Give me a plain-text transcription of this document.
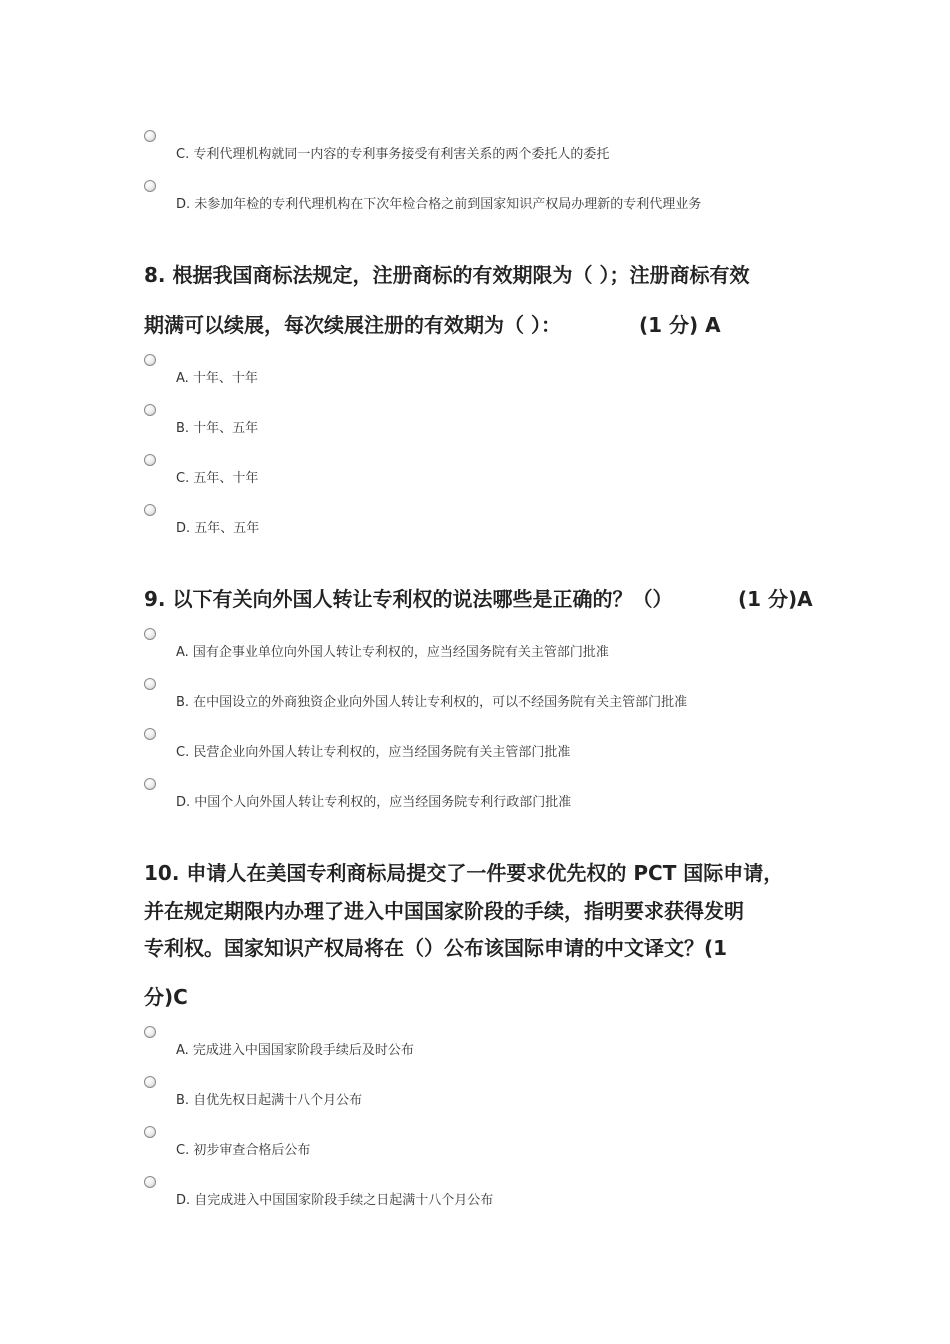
C. 专利代理机构就同一内容的专利事务接受有利害关系的两个委托人的委托
D. 未参加年检的专利代理机构在下次年检合格之前到国家知识产权局办理新的专利代理业务
8. 根据我国商标法规定，注册商标的有效期限为（ ）；注册商标有效
期满可以续展，每次续展注册的有效期为（ ）：	(1 分) A
A. 十年、十年
B. 十年、五年
C. 五年、十年
D. 五年、五年
9. 以下有关向外国人转让专利权的说法哪些是正确的？（）	(1 分)A
A. 国有企事业单位向外国人转让专利权的，应当经国务院有关主管部门批准
B. 在中国设立的外商独资企业向外国人转让专利权的，可以不经国务院有关主管部门批准
C. 民营企业向外国人转让专利权的，应当经国务院有关主管部门批准
D. 中国个人向外国人转让专利权的，应当经国务院专利行政部门批准
10. 申请人在美国专利商标局提交了一件要求优先权的 PCT 国际申请，
并在规定期限内办理了进入中国国家阶段的手续，指明要求获得发明
专利权。国家知识产权局将在（）公布该国际申请的中文译文？(1
分)C
A. 完成进入中国国家阶段手续后及时公布
B. 自优先权日起满十八个月公布
C. 初步审查合格后公布
D. 自完成进入中国国家阶段手续之日起满十八个月公布
